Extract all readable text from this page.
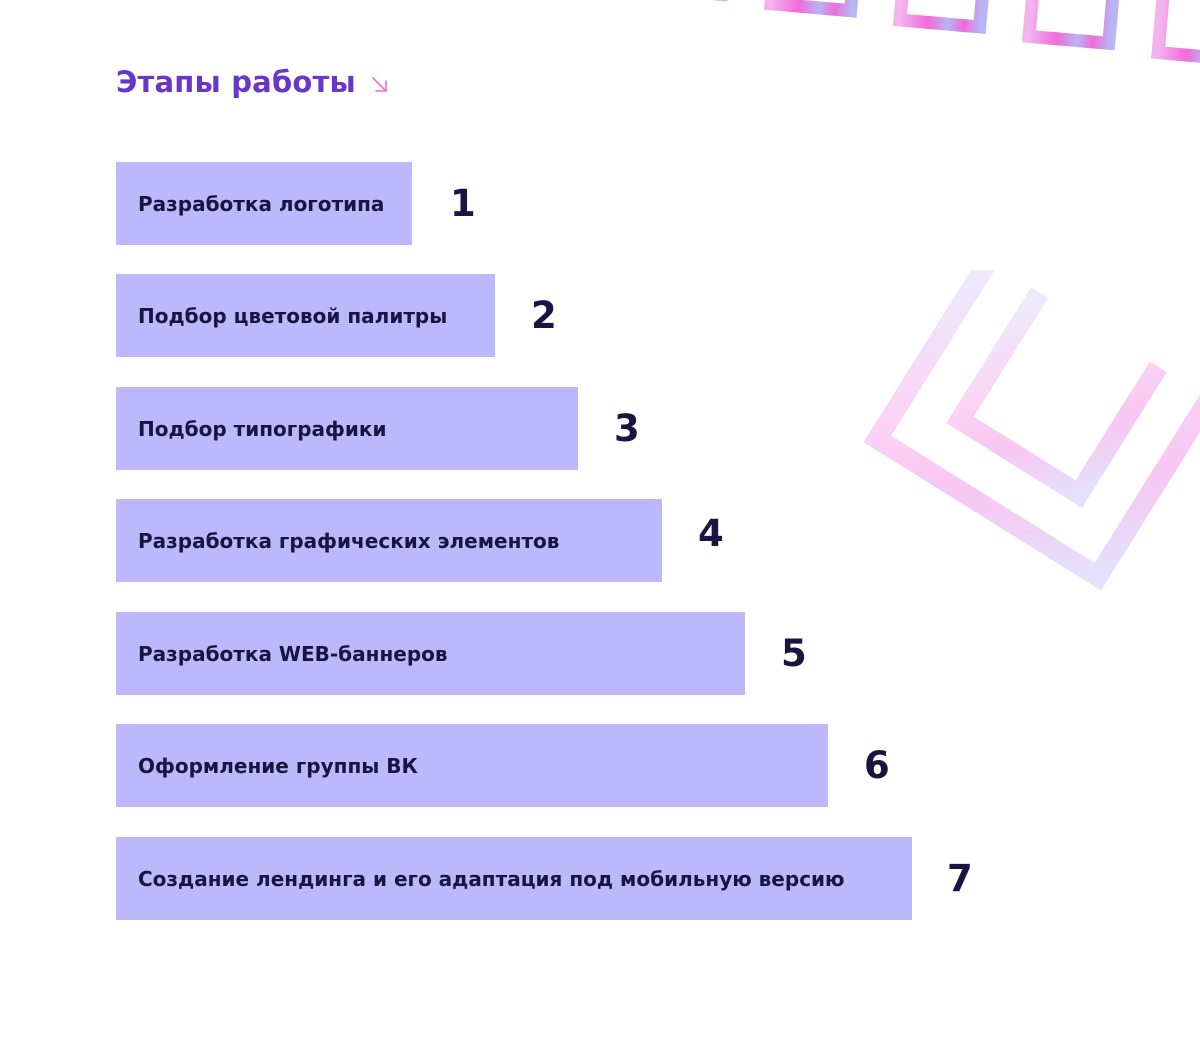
Этапы работы
Разработка логотипа 1
Подбор цветовой палитры 2
Подбор типографики	3
Разработка графических элементов	4
Разработка WEB-баннеров	5
Оформление группы ВК	6
Создание лендинга и его адаптация под мобильную версию	7
